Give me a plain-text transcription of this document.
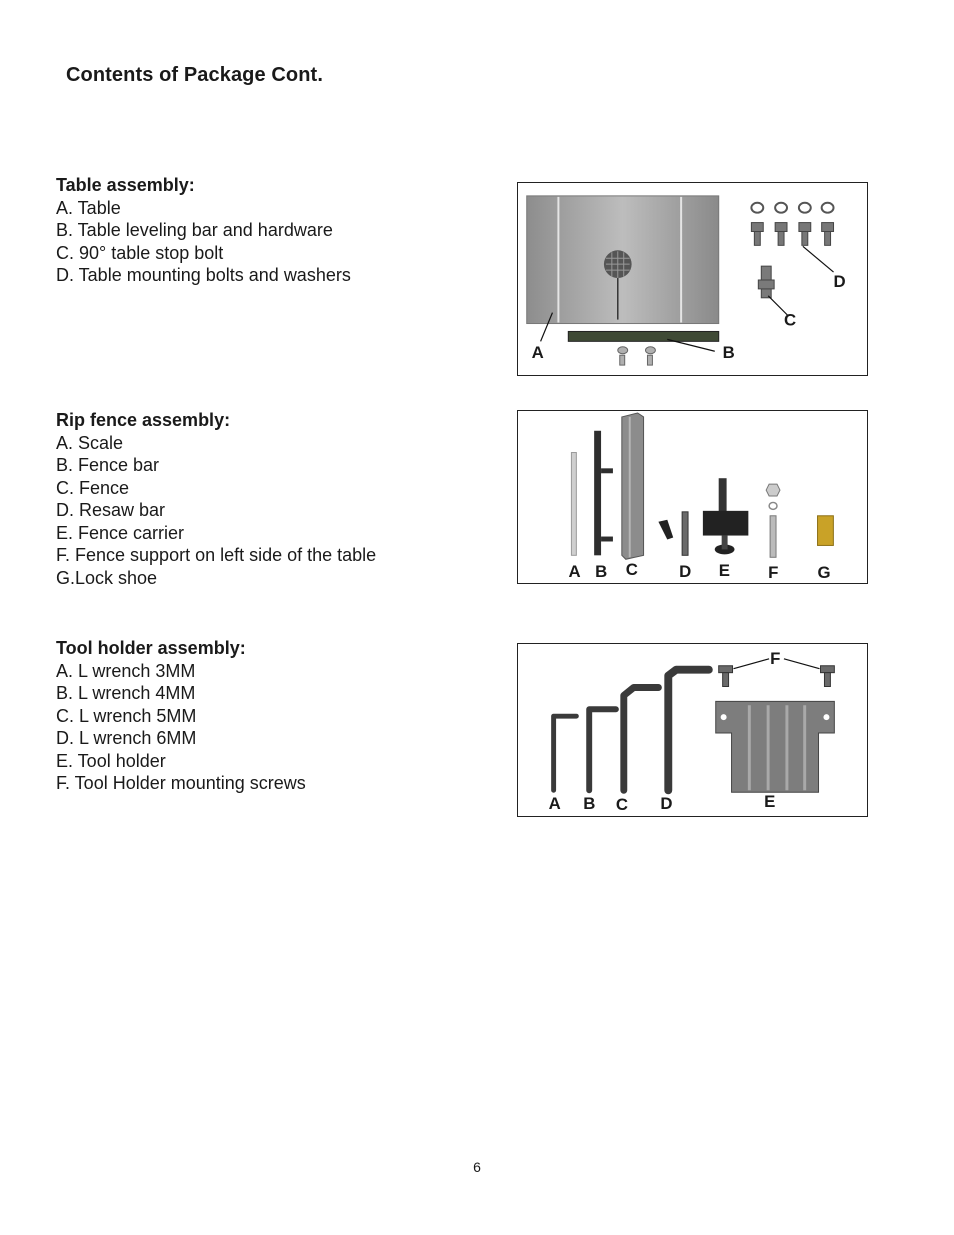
Contents of Package Cont.
Table assembly:
A. Table
B. Table leveling bar and hardware
C. 90° table stop bolt
D. Table mounting bolts and washers
A	B
C
D
Rip fence assembly:
A. Scale
B. Fence bar
C. Fence
D. Resaw bar
E. Fence carrier
F. Fence support on left side of the table
G.Lock shoe	A B C D E F G
Tool holder assembly:
A. L wrench 3MM
B. L wrench 4MM
C. L wrench 5MM
D. L wrench 6MM
E. Tool holder
F. Tool Holder mounting screws
A B C D	E
F
6
